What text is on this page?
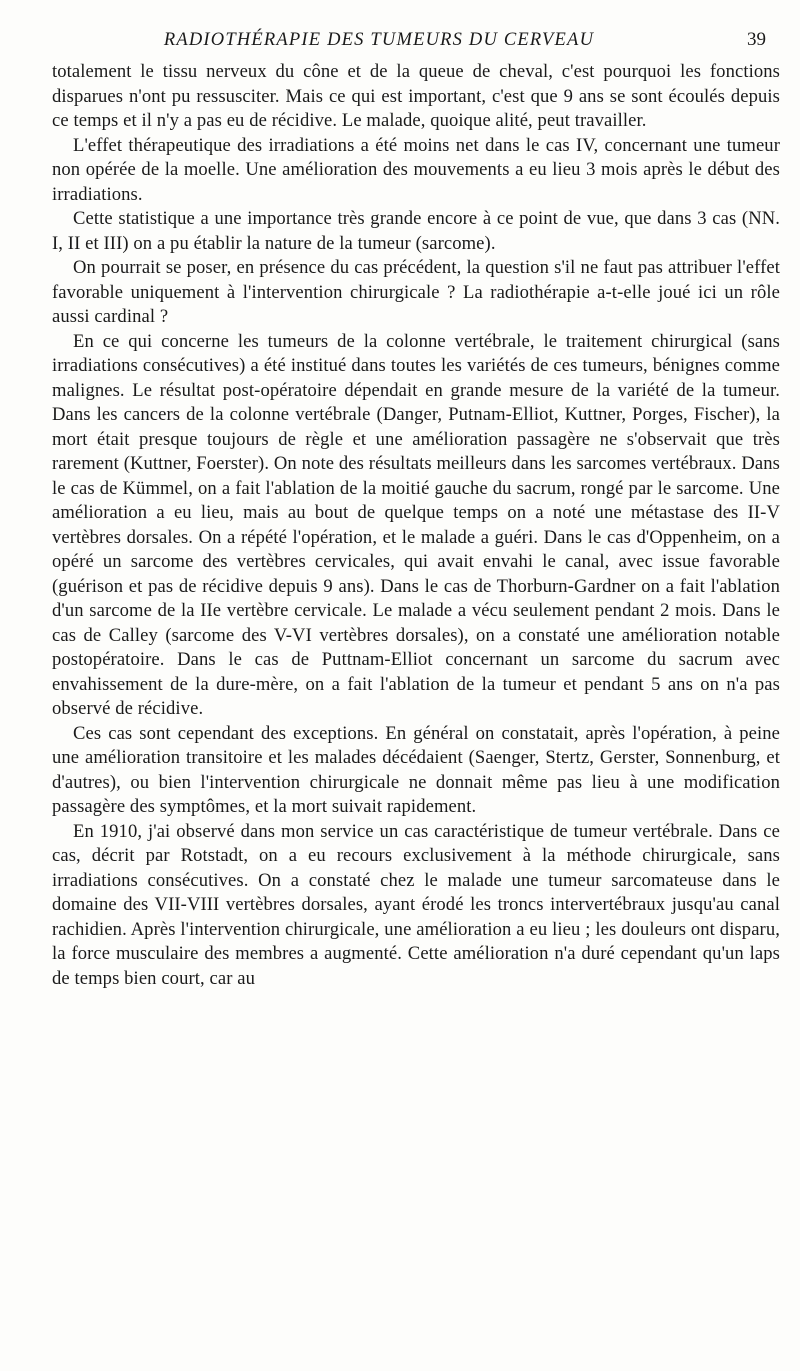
RADIOTHÉRAPIE DES TUMEURS DU CERVEAU	39

totalement le tissu nerveux du cône et de la queue de cheval, c'est pourquoi les fonctions disparues n'ont pu ressusciter. Mais ce qui est important, c'est que 9 ans se sont écoulés depuis ce temps et il n'y a pas eu de récidive. Le malade, quoique alité, peut travailler.

L'effet thérapeutique des irradiations a été moins net dans le cas IV, concernant une tumeur non opérée de la moelle. Une amélioration des mouvements a eu lieu 3 mois après le début des irradiations.

Cette statistique a une importance très grande encore à ce point de vue, que dans 3 cas (NN. I, II et III) on a pu établir la nature de la tumeur (sarcome).

On pourrait se poser, en présence du cas précédent, la question s'il ne faut pas attribuer l'effet favorable uniquement à l'intervention chirurgicale ? La radiothérapie a-t-elle joué ici un rôle aussi cardinal ?

En ce qui concerne les tumeurs de la colonne vertébrale, le traitement chirurgical (sans irradiations consécutives) a été institué dans toutes les variétés de ces tumeurs, bénignes comme malignes. Le résultat post-opératoire dépendait en grande mesure de la variété de la tumeur. Dans les cancers de la colonne vertébrale (Danger, Putnam-Elliot, Kuttner, Porges, Fischer), la mort était presque toujours de règle et une amélioration passagère ne s'observait que très rarement (Kuttner, Foerster). On note des résultats meilleurs dans les sarcomes vertébraux. Dans le cas de Kümmel, on a fait l'ablation de la moitié gauche du sacrum, rongé par le sarcome. Une amélioration a eu lieu, mais au bout de quelque temps on a noté une métastase des II-V vertèbres dorsales. On a répété l'opération, et le malade a guéri. Dans le cas d'Oppenheim, on a opéré un sarcome des vertèbres cervicales, qui avait envahi le canal, avec issue favorable (guérison et pas de récidive depuis 9 ans). Dans le cas de Thorburn-Gardner on a fait l'ablation d'un sarcome de la IIe vertèbre cervicale. Le malade a vécu seulement pendant 2 mois. Dans le cas de Calley (sarcome des V-VI vertèbres dorsales), on a constaté une amélioration notable postopératoire. Dans le cas de Puttnam-Elliot concernant un sarcome du sacrum avec envahissement de la dure-mère, on a fait l'ablation de la tumeur et pendant 5 ans on n'a pas observé de récidive.

Ces cas sont cependant des exceptions. En général on constatait, après l'opération, à peine une amélioration transitoire et les malades décédaient (Saenger, Stertz, Gerster, Sonnenburg, et d'autres), ou bien l'intervention chirurgicale ne donnait même pas lieu à une modification passagère des symptômes, et la mort suivait rapidement.

En 1910, j'ai observé dans mon service un cas caractéristique de tumeur vertébrale. Dans ce cas, décrit par Rotstadt, on a eu recours exclusivement à la méthode chirurgicale, sans irradiations consécutives. On a constaté chez le malade une tumeur sarcomateuse dans le domaine des VII-VIII vertèbres dorsales, ayant érodé les troncs intervertébraux jusqu'au canal rachidien. Après l'intervention chirurgicale, une amélioration a eu lieu ; les douleurs ont disparu, la force musculaire des membres a augmenté. Cette amélioration n'a duré cependant qu'un laps de temps bien court, car au
